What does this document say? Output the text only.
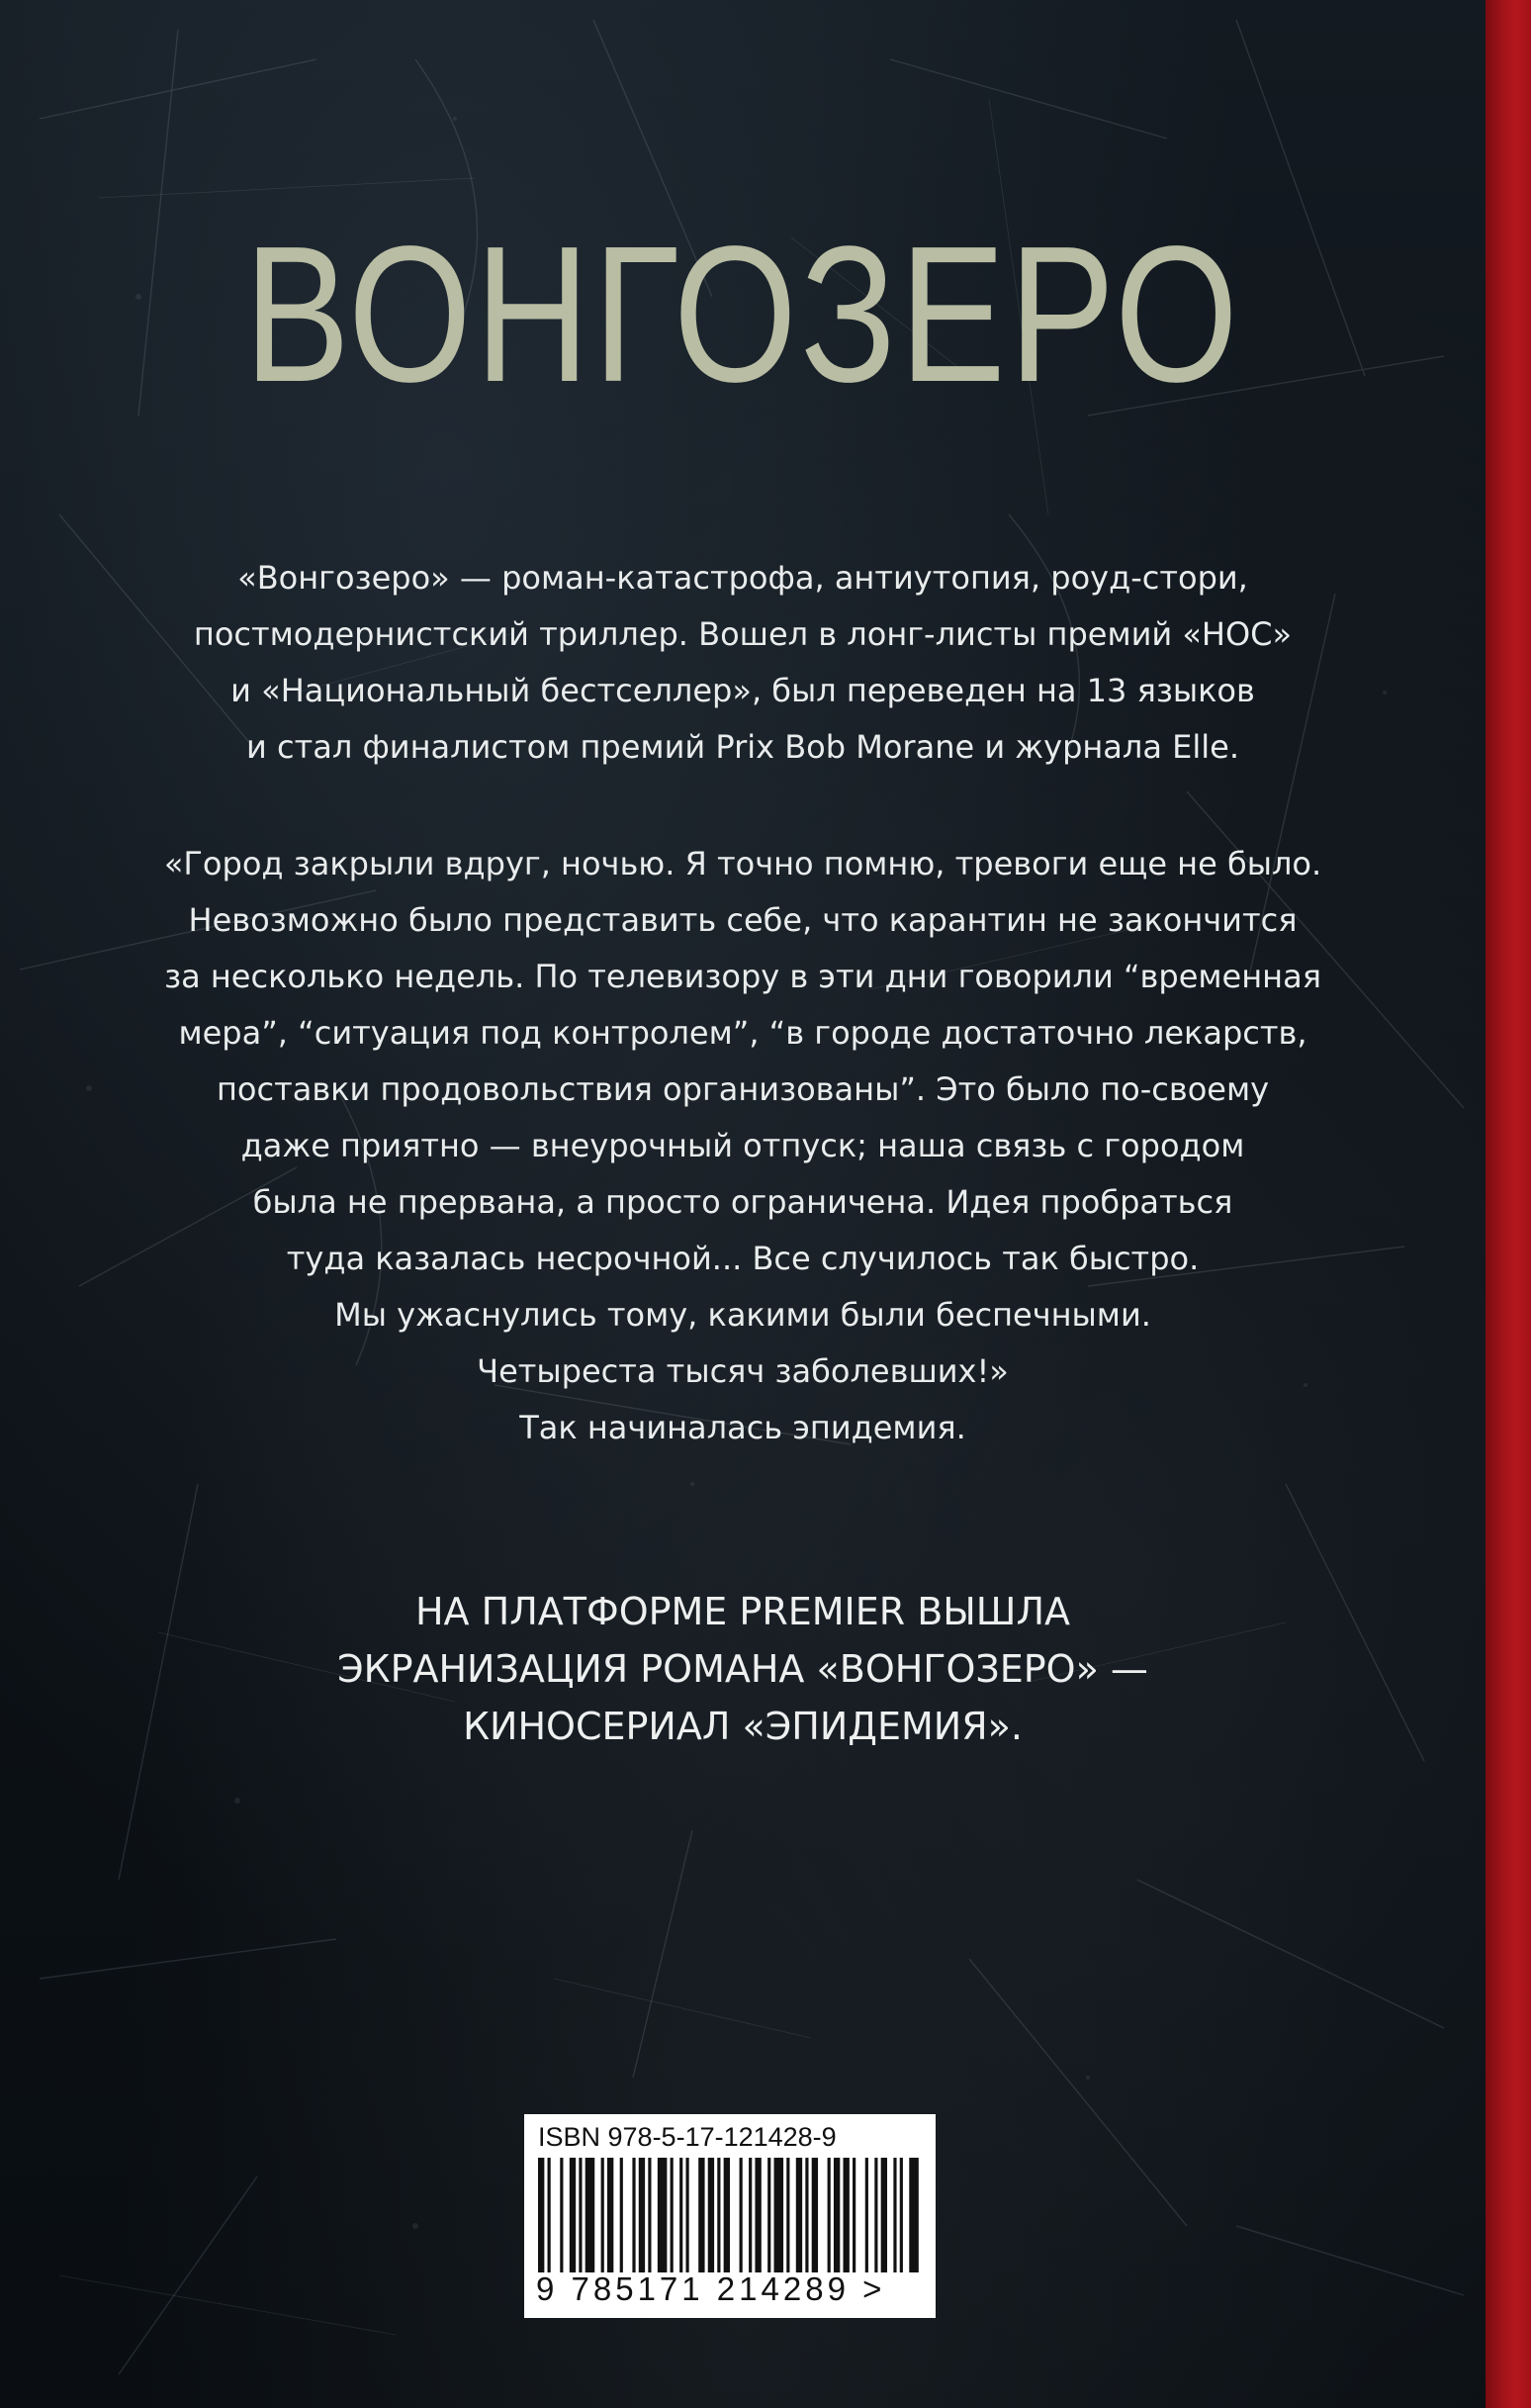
ВОНГОЗЕРО
«Вонгозеро» — роман-катастрофа, антиутопия, роуд-стори,
постмодернистский триллер. Вошел в лонг-листы премий «НОС»
и «Национальный бестселлер», был переведен на 13 языков
и стал финалистом премий Prix Bob Morane и журнала Elle.
«Город закрыли вдруг, ночью. Я точно помню, тревоги еще не было.
Невозможно было представить себе, что карантин не закончится
за несколько недель. По телевизору в эти дни говорили “временная
мера”, “ситуация под контролем”, “в городе достаточно лекарств,
поставки продовольствия организованы”. Это было по-своему
даже приятно — внеурочный отпуск; наша связь с городом
была не прервана, а просто ограничена. Идея пробраться
туда казалась несрочной... Все случилось так быстро.
Мы ужаснулись тому, какими были беспечными.
Четыреста тысяч заболевших!»
Так начиналась эпидемия.
НА ПЛАТФОРМЕ PREMIER ВЫШЛА
ЭКРАНИЗАЦИЯ РОМАНА «ВОНГОЗЕРО» —
КИНОСЕРИАЛ «ЭПИДЕМИЯ».
ISBN 978-5-17-121428-9
9 785171 214289 >
